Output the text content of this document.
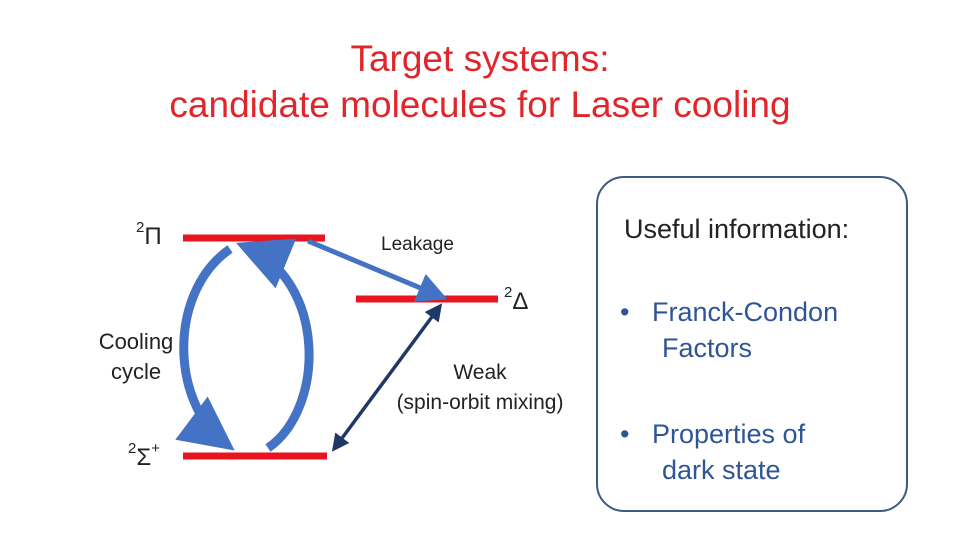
Target systems:
candidate molecules for Laser cooling
$^2$Π
$^2$Δ
$^2$Σ+
Cooling
cycle
Leakage
Weak
(spin-orbit mixing)
Useful information:
• Franck-Condon
Factors
• Properties of
dark state
